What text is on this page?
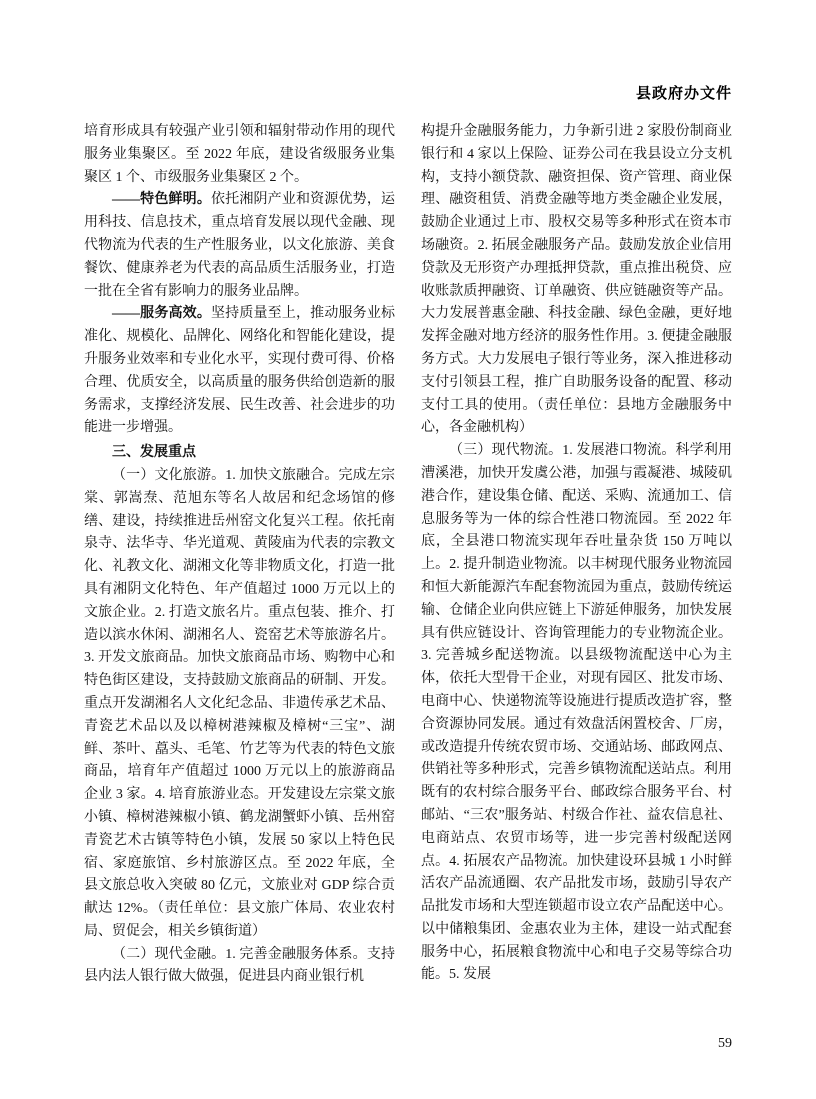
县政府办文件

培育形成具有较强产业引领和辐射带动作用的现代服务业集聚区。至 2022 年底，建设省级服务业集聚区 1 个、市级服务业集聚区 2 个。

——特色鲜明。依托湘阴产业和资源优势，运用科技、信息技术，重点培育发展以现代金融、现代物流为代表的生产性服务业，以文化旅游、美食餐饮、健康养老为代表的高品质生活服务业，打造一批在全省有影响力的服务业品牌。

——服务高效。坚持质量至上，推动服务业标准化、规模化、品牌化、网络化和智能化建设，提升服务业效率和专业化水平，实现付费可得、价格合理、优质安全，以高质量的服务供给创造新的服务需求，支撑经济发展、民生改善、社会进步的功能进一步增强。

三、发展重点

（一）文化旅游。1. 加快文旅融合。完成左宗棠、郭嵩焘、范旭东等名人故居和纪念场馆的修缮、建设，持续推进岳州窑文化复兴工程。依托南泉寺、法华寺、华光道观、黄陵庙为代表的宗教文化、礼教文化、湖湘文化等非物质文化，打造一批具有湘阴文化特色、年产值超过 1000 万元以上的文旅企业。2. 打造文旅名片。重点包装、推介、打造以滨水休闲、湖湘名人、瓷窑艺术等旅游名片。3. 开发文旅商品。加快文旅商品市场、购物中心和特色街区建设，支持鼓励文旅商品的研制、开发。重点开发湖湘名人文化纪念品、非遗传承艺术品、青瓷艺术品以及以樟树港辣椒及樟树“三宝”、湖鲜、茶叶、藠头、毛笔、竹艺等为代表的特色文旅商品，培育年产值超过 1000 万元以上的旅游商品企业 3 家。4. 培育旅游业态。开发建设左宗棠文旅小镇、樟树港辣椒小镇、鹤龙湖蟹虾小镇、岳州窑青瓷艺术古镇等特色小镇，发展 50 家以上特色民宿、家庭旅馆、乡村旅游区点。至 2022 年底，全县文旅总收入突破 80 亿元，文旅业对 GDP 综合贡献达 12%。（责任单位：县文旅广体局、农业农村局、贸促会，相关乡镇街道）

（二）现代金融。1. 完善金融服务体系。支持县内法人银行做大做强，促进县内商业银行机

构提升金融服务能力，力争新引进 2 家股份制商业银行和 4 家以上保险、证券公司在我县设立分支机构，支持小额贷款、融资担保、资产管理、商业保理、融资租赁、消费金融等地方类金融企业发展，鼓励企业通过上市、股权交易等多种形式在资本市场融资。2. 拓展金融服务产品。鼓励发放企业信用贷款及无形资产办理抵押贷款，重点推出税贷、应收账款质押融资、订单融资、供应链融资等产品。大力发展普惠金融、科技金融、绿色金融，更好地发挥金融对地方经济的服务性作用。3. 便捷金融服务方式。大力发展电子银行等业务，深入推进移动支付引领县工程，推广自助服务设备的配置、移动支付工具的使用。（责任单位：县地方金融服务中心，各金融机构）

（三）现代物流。1. 发展港口物流。科学利用漕溪港，加快开发虞公港，加强与霞凝港、城陵矶港合作，建设集仓储、配送、采购、流通加工、信息服务等为一体的综合性港口物流园。至 2022 年底，全县港口物流实现年吞吐量杂货 150 万吨以上。2. 提升制造业物流。以丰树现代服务业物流园和恒大新能源汽车配套物流园为重点，鼓励传统运输、仓储企业向供应链上下游延伸服务，加快发展具有供应链设计、咨询管理能力的专业物流企业。3. 完善城乡配送物流。以县级物流配送中心为主体，依托大型骨干企业，对现有园区、批发市场、电商中心、快递物流等设施进行提质改造扩容，整合资源协同发展。通过有效盘活闲置校舍、厂房，或改造提升传统农贸市场、交通站场、邮政网点、供销社等多种形式，完善乡镇物流配送站点。利用既有的农村综合服务平台、邮政综合服务平台、村邮站、“三农”服务站、村级合作社、益农信息社、电商站点、农贸市场等，进一步完善村级配送网点。4. 拓展农产品物流。加快建设环县城 1 小时鲜活农产品流通圈、农产品批发市场，鼓励引导农产品批发市场和大型连锁超市设立农产品配送中心。以中储粮集团、金惠农业为主体，建设一站式配套服务中心，拓展粮食物流中心和电子交易等综合功能。5. 发展

59
